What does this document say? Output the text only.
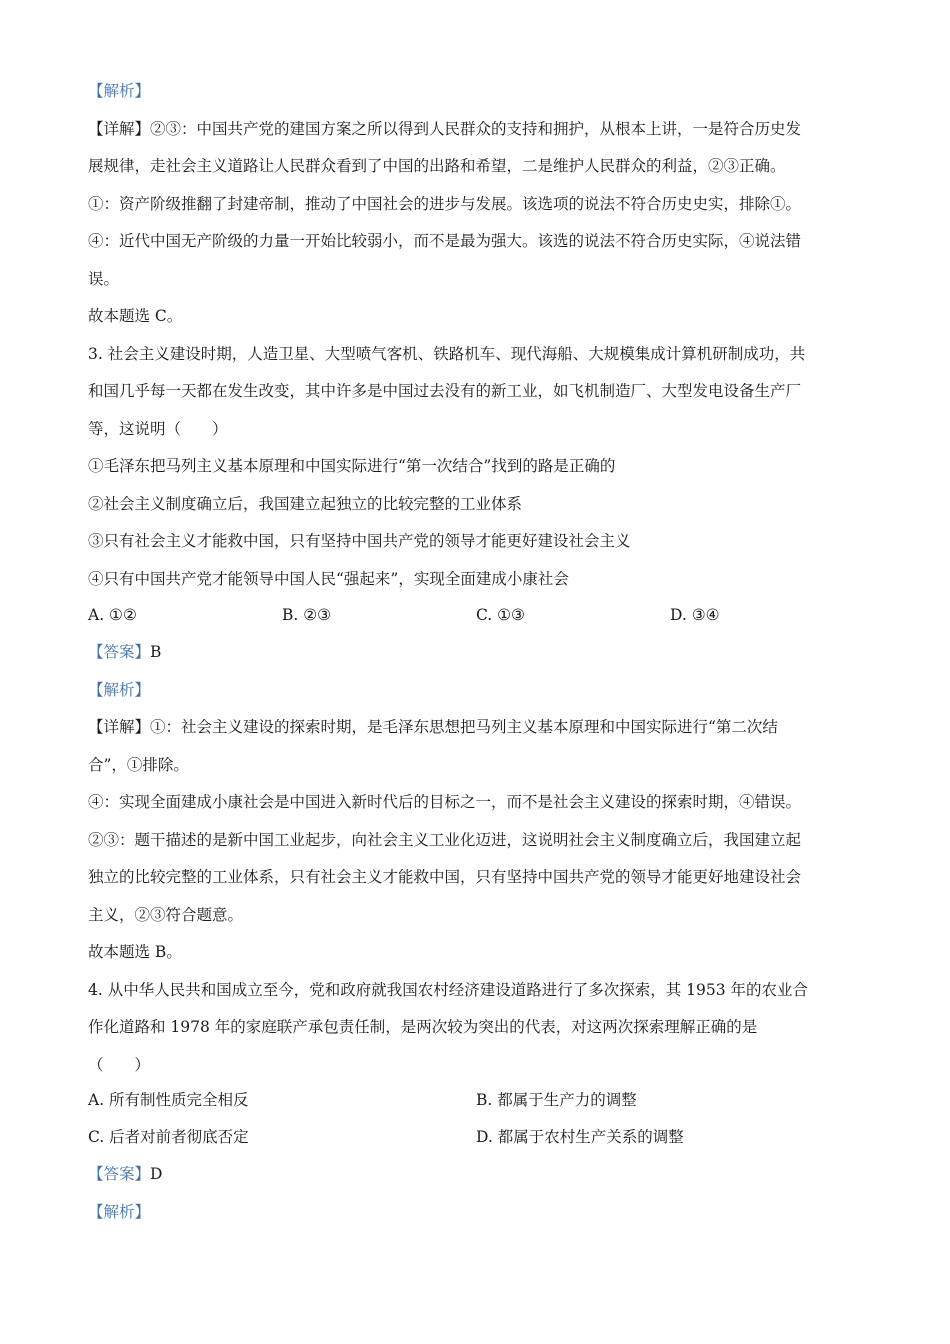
【解析】
【详解】②③：中国共产党的建国方案之所以得到人民群众的支持和拥护，从根本上讲，一是符合历史发
展规律，走社会主义道路让人民群众看到了中国的出路和希望，二是维护人民群众的利益，②③正确。
①：资产阶级推翻了封建帝制，推动了中国社会的进步与发展。该选项的说法不符合历史史实，排除①。
④：近代中国无产阶级的力量一开始比较弱小，而不是最为强大。该选的说法不符合历史实际，④说法错
误。
故本题选 C。
3. 社会主义建设时期，人造卫星、大型喷气客机、铁路机车、现代海船、大规模集成计算机研制成功，共
和国几乎每一天都在发生改变，其中许多是中国过去没有的新工业，如飞机制造厂、大型发电设备生产厂
等，这说明（　　）
①毛泽东把马列主义基本原理和中国实际进行“第一次结合”找到的路是正确的
②社会主义制度确立后，我国建立起独立的比较完整的工业体系
③只有社会主义才能救中国，只有坚持中国共产党的领导才能更好建设社会主义
④只有中国共产党才能领导中国人民“强起来”，实现全面建成小康社会
A. ①②	B. ②③	C. ①③	D. ③④
【答案】B
【解析】
【详解】①：社会主义建设的探索时期，是毛泽东思想把马列主义基本原理和中国实际进行“第二次结
合”，①排除。
④：实现全面建成小康社会是中国进入新时代后的目标之一，而不是社会主义建设的探索时期，④错误。
②③：题干描述的是新中国工业起步，向社会主义工业化迈进，这说明社会主义制度确立后，我国建立起
独立的比较完整的工业体系，只有社会主义才能救中国，只有坚持中国共产党的领导才能更好地建设社会
主义，②③符合题意。
故本题选 B。
4. 从中华人民共和国成立至今，党和政府就我国农村经济建设道路进行了多次探索，其 1953 年的农业合
作化道路和 1978 年的家庭联产承包责任制，是两次较为突出的代表，对这两次探索理解正确的是
（　　）
A. 所有制性质完全相反	B. 都属于生产力的调整
C. 后者对前者彻底否定	D. 都属于农村生产关系的调整
【答案】D
【解析】
